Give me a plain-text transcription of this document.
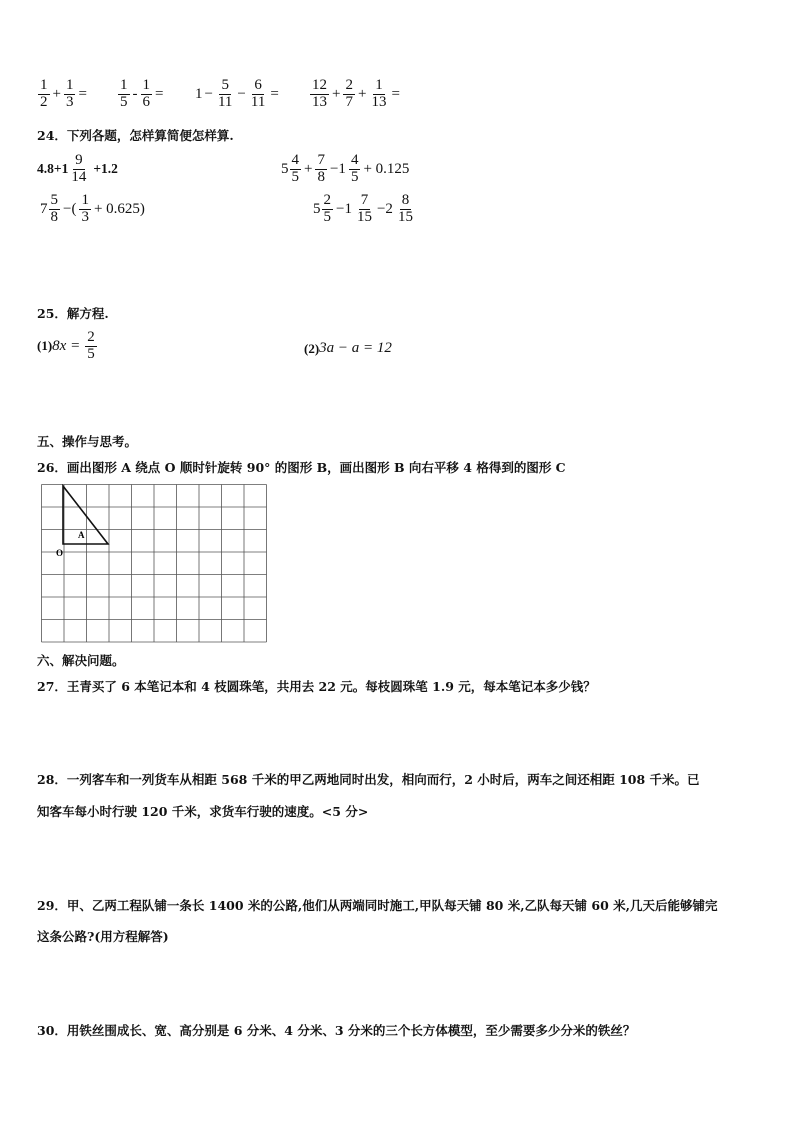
$\frac{1}{2} + \frac{1}{3} = \frac{1}{5} - \frac{1}{6} = 1 - \frac{5}{11} - \frac{6}{11} = \frac{12}{13} + \frac{2}{7} + \frac{1}{13}$ =
24．下列各题，怎样算简便怎样算.
$4.8+1 \frac{9}{14} +1.2$	$5 \frac{4}{5} + \frac{7}{8} -1 \frac{4}{5} + 0.125$
$7 \frac{5}{8}$ −( $\frac{1}{3} + 0.625$)	$5 \frac{2}{5} -1 \frac{7}{15} -2 \frac{8}{15}$
25．解方程.
(1) $8x = \frac{2}{5}$	(2) 3a − a = 12
五、操作与思考。
26．画出图形 A 绕点 O 顺时针旋转 90° 的图形 B，画出图形 B 向右平移 4 格得到的图形 C
A
O
六、解决问题。
27．王青买了 6 本笔记本和 4 枝圆珠笔，共用去 22 元。每枝圆珠笔 1.9 元，每本笔记本多少钱？
28．一列客车和一列货车从相距 568 千米的甲乙两地同时出发，相向而行，2 小时后，两车之间还相距 108 千米。已
知客车每小时行驶 120 千米，求货车行驶的速度。<5 分>
29．甲、乙两工程队铺一条长 1400 米的公路,他们从两端同时施工,甲队每天铺 80 米,乙队每天铺 60 米,几天后能够铺完
这条公路?(用方程解答)
30．用铁丝围成长、宽、高分别是 6 分米、4 分米、3 分米的三个长方体模型，至少需要多少分米的铁丝？
